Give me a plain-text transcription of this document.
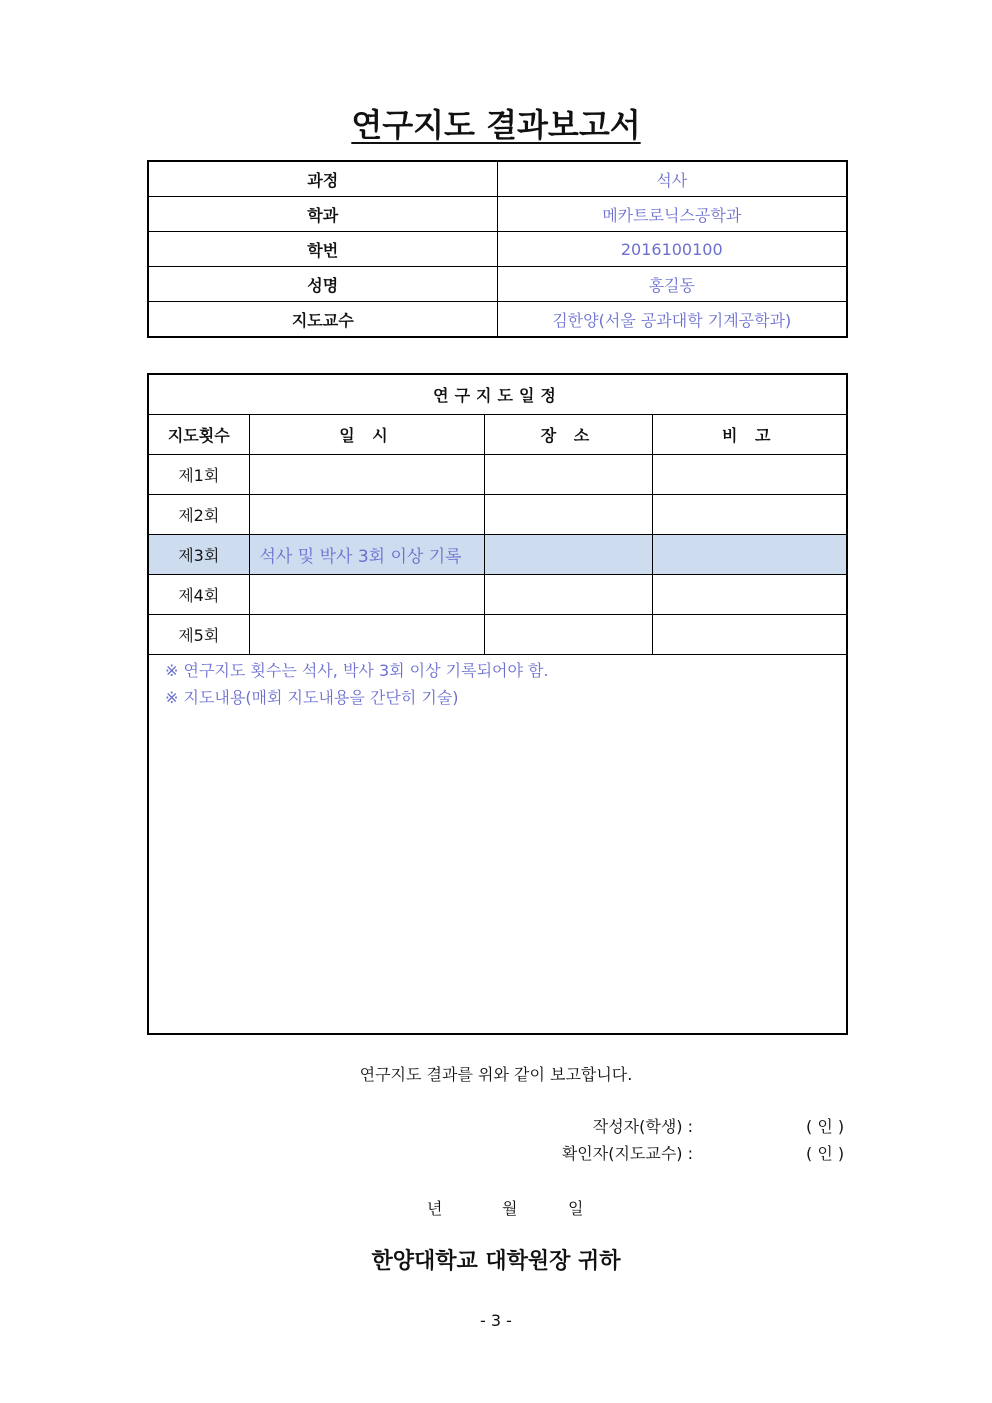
연구지도 결과보고서
과정	석사
학과	메카트로닉스공학과
학번	2016100100
성명	홍길동
지도교수	김한양(서울 공과대학 기계공학과)
연구지도일정			
지도횟수	일 시	장 소	비 고
제1회			
제2회			
제3회	석사 및 박사 3회 이상 기록		
제4회			
제5회			

※ 연구지도 횟수는 석사, 박사 3회 이상 기록되어야 함.
※ 지도내용(매회 지도내용을 간단히 기술)			
연구지도 결과를 위와 같이 보고합니다.
작성자(학생) :	( 인 )
확인자(지도교수) :	( 인 )
년	월	일
한양대학교 대학원장 귀하
- 3 -
